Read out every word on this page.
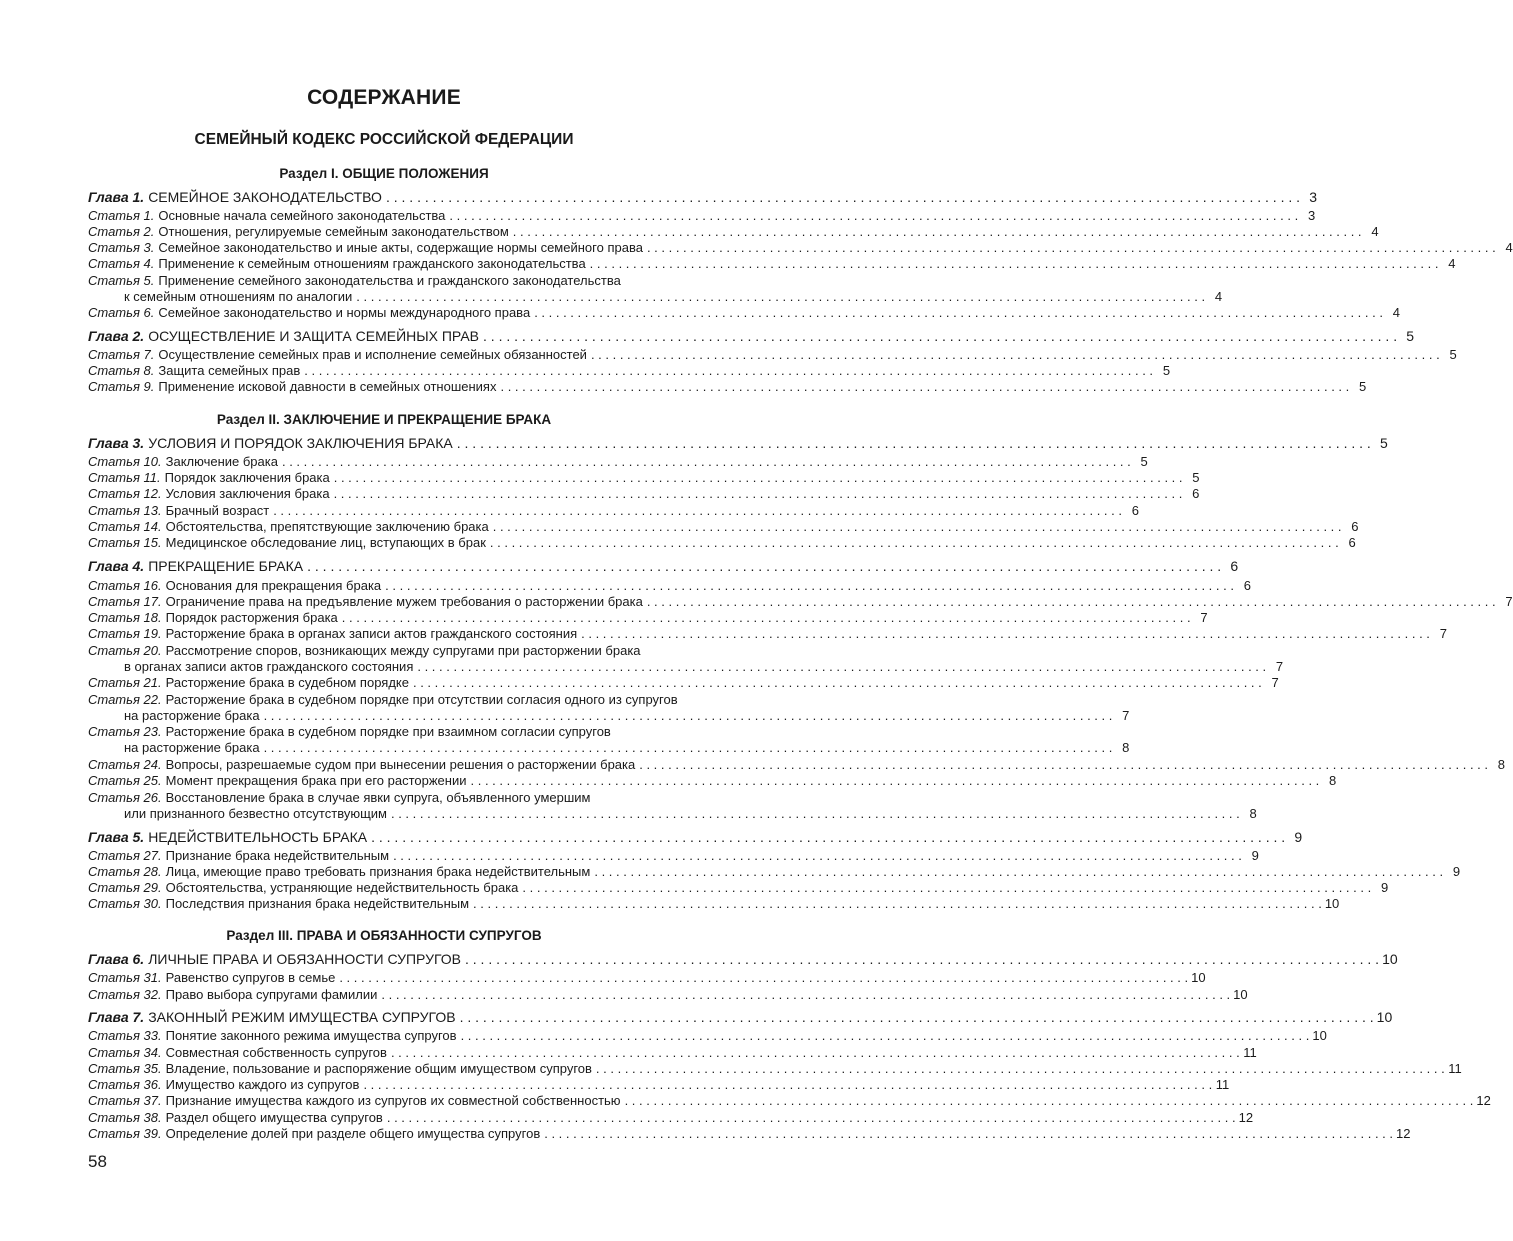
СОДЕРЖАНИЕ
СЕМЕЙНЫЙ КОДЕКС РОССИЙСКОЙ ФЕДЕРАЦИИ
Раздел I. ОБЩИЕ ПОЛОЖЕНИЯ
Глава 1. СЕМЕЙНОЕ ЗАКОНОДАТЕЛЬСТВО . . .	3
Статья 1. Основные начала семейного законодательства . . .	3
Статья 2. Отношения, регулируемые семейным законодательством . . .	4
Статья 3. Семейное законодательство и иные акты, содержащие нормы семейного права . . .	4
Статья 4. Применение к семейным отношениям гражданского законодательства . . .	4
Статья 5. Применение семейного законодательства и гражданского законодательства
к семейным отношениям по аналогии . . .	4
Статья 6. Семейное законодательство и нормы международного права . . .	4
Глава 2. ОСУЩЕСТВЛЕНИЕ И ЗАЩИТА СЕМЕЙНЫХ ПРАВ . . .	5
Статья 7. Осуществление семейных прав и исполнение семейных обязанностей . . .	5
Статья 8. Защита семейных прав . . .	5
Статья 9. Применение исковой давности в семейных отношениях . . .	5
Раздел II. ЗАКЛЮЧЕНИЕ И ПРЕКРАЩЕНИЕ БРАКА
Глава 3. УСЛОВИЯ И ПОРЯДОК ЗАКЛЮЧЕНИЯ БРАКА . . .	5
Статья 10. Заключение брака . . .	5
Статья 11. Порядок заключения брака . . .	5
Статья 12. Условия заключения брака . . .	6
Статья 13. Брачный возраст . . .	6
Статья 14. Обстоятельства, препятствующие заключению брака . . .	6
Статья 15. Медицинское обследование лиц, вступающих в брак . . .	6
Глава 4. ПРЕКРАЩЕНИЕ БРАКА . . .	6
Статья 16. Основания для прекращения брака . . .	6
Статья 17. Ограничение права на предъявление мужем требования о расторжении брака . . .	7
Статья 18. Порядок расторжения брака . . .	7
Статья 19. Расторжение брака в органах записи актов гражданского состояния . . .	7
Статья 20. Рассмотрение споров, возникающих между супругами при расторжении брака
в органах записи актов гражданского состояния . . .	7
Статья 21. Расторжение брака в судебном порядке . . .	7
Статья 22. Расторжение брака в судебном порядке при отсутствии согласия одного из супругов
на расторжение брака . . .	7
Статья 23. Расторжение брака в судебном порядке при взаимном согласии супругов
на расторжение брака . . .	8
Статья 24. Вопросы, разрешаемые судом при вынесении решения о расторжении брака . . .	8
Статья 25. Момент прекращения брака при его расторжении . . .	8
Статья 26. Восстановление брака в случае явки супруга, объявленного умершим
или признанного безвестно отсутствующим . . .	8
Глава 5. НЕДЕЙСТВИТЕЛЬНОСТЬ БРАКА . . .	9
Статья 27. Признание брака недействительным . . .	9
Статья 28. Лица, имеющие право требовать признания брака недействительным . . .	9
Статья 29. Обстоятельства, устраняющие недействительность брака . . .	9
Статья 30. Последствия признания брака недействительным . . .	10
Раздел III. ПРАВА И ОБЯЗАННОСТИ СУПРУГОВ
Глава 6. ЛИЧНЫЕ ПРАВА И ОБЯЗАННОСТИ СУПРУГОВ . . .	10
Статья 31. Равенство супругов в семье . . .	10
Статья 32. Право выбора супругами фамилии . . .	10
Глава 7. ЗАКОННЫЙ РЕЖИМ ИМУЩЕСТВА СУПРУГОВ . . .	10
Статья 33. Понятие законного режима имущества супругов . . .	10
Статья 34. Совместная собственность супругов . . .	11
Статья 35. Владение, пользование и распоряжение общим имуществом супругов . . .	11
Статья 36. Имущество каждого из супругов . . .	11
Статья 37. Признание имущества каждого из супругов их совместной собственностью . . .	12
Статья 38. Раздел общего имущества супругов . . .	12
Статья 39. Определение долей при разделе общего имущества супругов . . .	12
58
